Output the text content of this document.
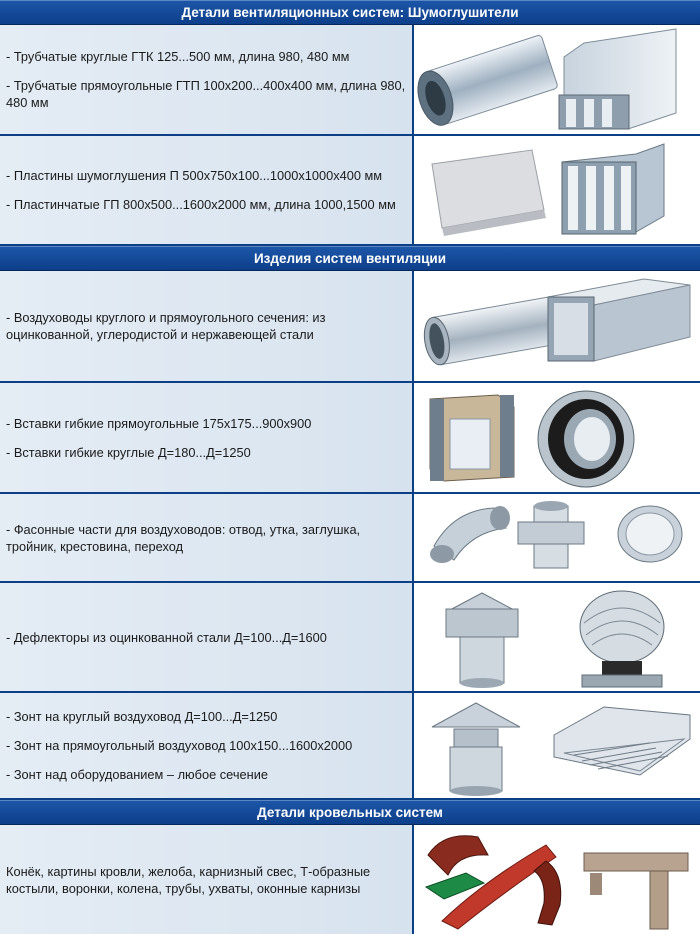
Детали вентиляционных систем: Шумоглушители

- Трубчатые круглые ГТК 125...500 мм, длина 980, 480 мм

- Трубчатые прямоугольные ГТП 100х200...400х400 мм, длина 980, 480 мм

- Пластины шумоглушения П 500х750х100...1000х1000х400 мм

- Пластинчатые ГП 800х500...1600х2000 мм, длина 1000,1500 мм

Изделия систем вентиляции

- Воздуховоды круглого и прямоугольного сечения: из оцинкованной, углеродистой и нержавеющей стали

- Вставки гибкие прямоугольные 175х175...900х900

- Вставки гибкие круглые Д=180...Д=1250

- Фасонные части для воздуховодов: отвод, утка, заглушка, тройник, крестовина, переход

- Дефлекторы из оцинкованной стали Д=100...Д=1600

- Зонт на круглый воздуховод Д=100...Д=1250

- Зонт на прямоугольный воздуховод 100х150...1600х2000

- Зонт над оборудованием – любое сечение

Детали кровельных систем

Конёк, картины кровли, желоба, карнизный свес, Т-образные костыли, воронки, колена, трубы, ухваты, оконные карнизы
